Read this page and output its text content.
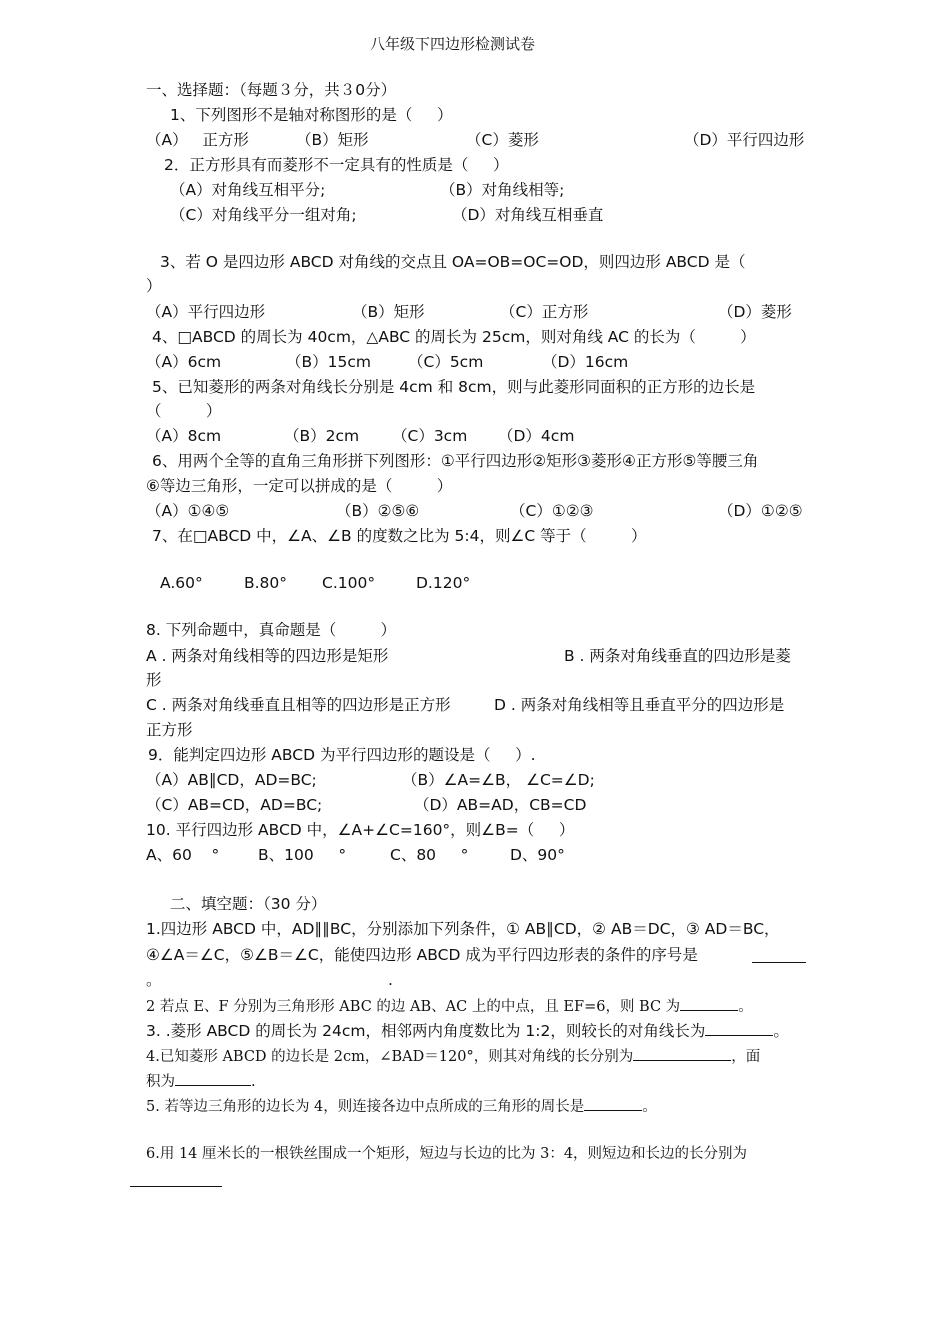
八年级下四边形检测试卷
一、选择题：（每题３分，共３0分）
1、下列图形不是轴对称图形的是（     ）
（A）   正方形	（B）矩形	（C）菱形	（D）平行四边形
2．正方形具有而菱形不一定具有的性质是（     ）
（A）对角线互相平分;	（B）对角线相等;
（C）对角线平分一组对角;	（D）对角线互相垂直
3、若 O 是四边形 ABCD 对角线的交点且 OA=OB=OC=OD，则四边形 ABCD 是（
）
（A）平行四边形	（B）矩形	（C）正方形	（D）菱形
4、□ABCD 的周长为 40cm，△ABC 的周长为 25cm，则对角线 AC 的长为（         ）
（A）6cm	（B）15cm （C）5cm	（D）16cm
5、已知菱形的两条对角线长分别是 4cm 和 8cm，则与此菱形同面积的正方形的边长是
（         ）
（A）8cm	（B）2cm （C）3cm （D）4cm
6、用两个全等的直角三角形拼下列图形：①平行四边形②矩形③菱形④正方形⑤等腰三角
⑥等边三角形，一定可以拼成的是（         ）
（A）①④⑤	（B）②⑤⑥	（C）①②③	（D）①②⑤
7、在□ABCD 中，∠A、∠B 的度数之比为 5:4，则∠C 等于（         ）
A.60°	B.80° C.100°	D.120°
8. 下列命题中，真命题是（         ）
A . 两条对角线相等的四边形是矩形	B . 两条对角线垂直的四边形是菱
形
C . 两条对角线垂直且相等的四边形是正方形	D . 两条对角线相等且垂直平分的四边形是
正方形
9．能判定四边形 ABCD 为平行四边形的题设是（     ）.
（A）AB∥CD，AD=BC;	（B）∠A=∠B， ∠C=∠D;
（C）AB=CD，AD=BC;	（D）AB=AD，CB=CD
10. 平行四边形 ABCD 中，∠A+∠C=160°，则∠B=（     ）
A、60    ° B、100     °	C、80     °	D、90°
二、填空题：（30 分）
1.四边形 ABCD 中，AD∥∥BC，分别添加下列条件，① AB∥CD，② AB＝DC，③ AD＝BC，
④∠A＝∠C，⑤∠B＝∠C，能使四边形 ABCD 成为平行四边形表的条件的序号是
。	.
2 若点 E、F 分别为三角形形 ABC 的边 AB、AC 上的中点，且 EF=6，则 BC 为	。
3. .菱形 ABCD 的周长为 24cm，相邻两内角度数比为 1:2，则较长的对角线长为	。
4.已知菱形 ABCD 的边长是 2cm，∠BAD＝120°，则其对角线的长分别为	，面
积为	.
5. 若等边三角形的边长为 4，则连接各边中点所成的三角形的周长是	。
6.用 14 厘米长的一根铁丝围成一个矩形，短边与长边的比为 3：4，则短边和长边的长分别为
